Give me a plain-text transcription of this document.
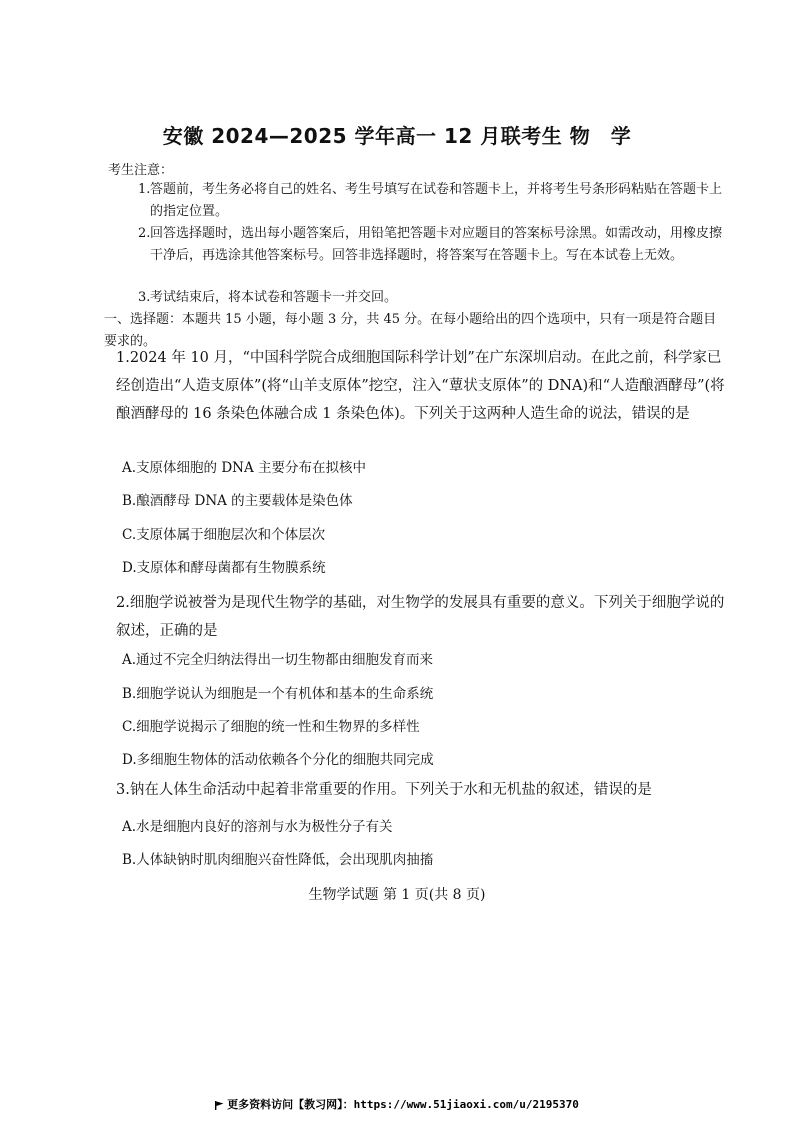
安徽 2024—2025 学年高一 12 月联考生 物　学
考生注意：
1. 答题前，考生务必将自己的姓名、考生号填写在试卷和答题卡上，并将考生号条形码粘贴在答题卡上的指定位置。
2. 回答选择题时，选出每小题答案后，用铅笔把答题卡对应题目的答案标号涂黑。如需改动，用橡皮擦干净后，再选涂其他答案标号。回答非选择题时，将答案写在答题卡上。写在本试卷上无效。
3. 考试结束后，将本试卷和答题卡一并交回。
一、选择题：本题共 15 小题，每小题 3 分，共 45 分。在每小题给出的四个选项中，只有一项是符合题目要求的。
1.2024 年 10 月，“中国科学院合成细胞国际科学计划”在广东深圳启动。在此之前，科学家已经创造出“人造支原体”(将“山羊支原体”挖空，注入“蕈状支原体”的 DNA)和“人造酿酒酵母”(将酿酒酵母的 16 条染色体融合成 1 条染色体)。下列关于这两种人造生命的说法，错误的是
A.支原体细胞的 DNA 主要分布在拟核中
B.酿酒酵母 DNA 的主要载体是染色体
C.支原体属于细胞层次和个体层次
D.支原体和酵母菌都有生物膜系统
2.细胞学说被誉为是现代生物学的基础，对生物学的发展具有重要的意义。下列关于细胞学说的叙述，正确的是
A.通过不完全归纳法得出一切生物都由细胞发育而来
B.细胞学说认为细胞是一个有机体和基本的生命系统
C.细胞学说揭示了细胞的统一性和生物界的多样性
D.多细胞生物体的活动依赖各个分化的细胞共同完成
3.钠在人体生命活动中起着非常重要的作用。下列关于水和无机盐的叙述，错误的是
A.水是细胞内良好的溶剂与水为极性分子有关
B.人体缺钠时肌肉细胞兴奋性降低，会出现肌肉抽搐
生物学试题 第 1 页(共 8 页)
更多资料访问【教习网】：https://www.51jiaoxi.com/u/2195370
